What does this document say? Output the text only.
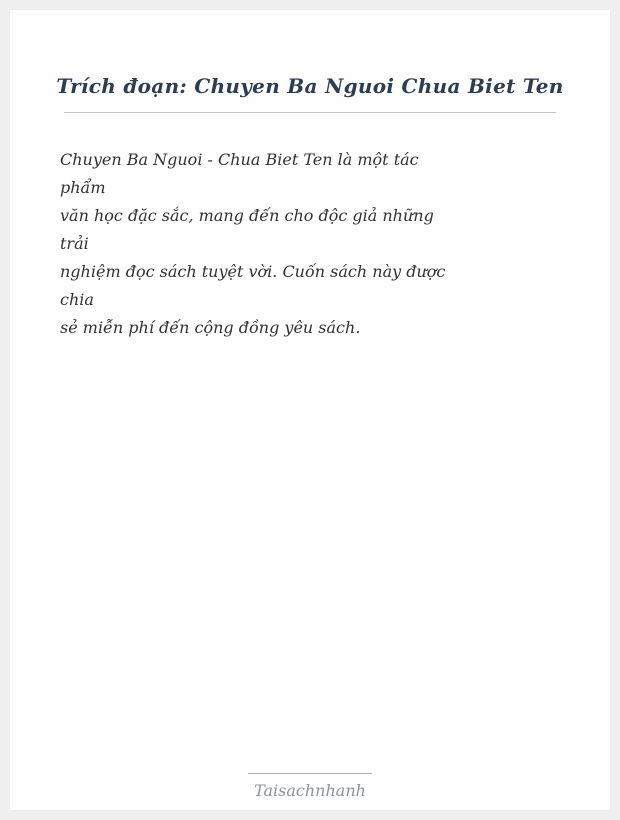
Trích đoạn: Chuyen Ba Nguoi Chua Biet Ten

Chuyen Ba Nguoi - Chua Biet Ten là một tác

phẩm

văn học đặc sắc, mang đến cho độc giả những

trải

nghiệm đọc sách tuyệt vời. Cuốn sách này được

chia

sẻ miễn phí đến cộng đồng yêu sách.

Taisachnhanh
